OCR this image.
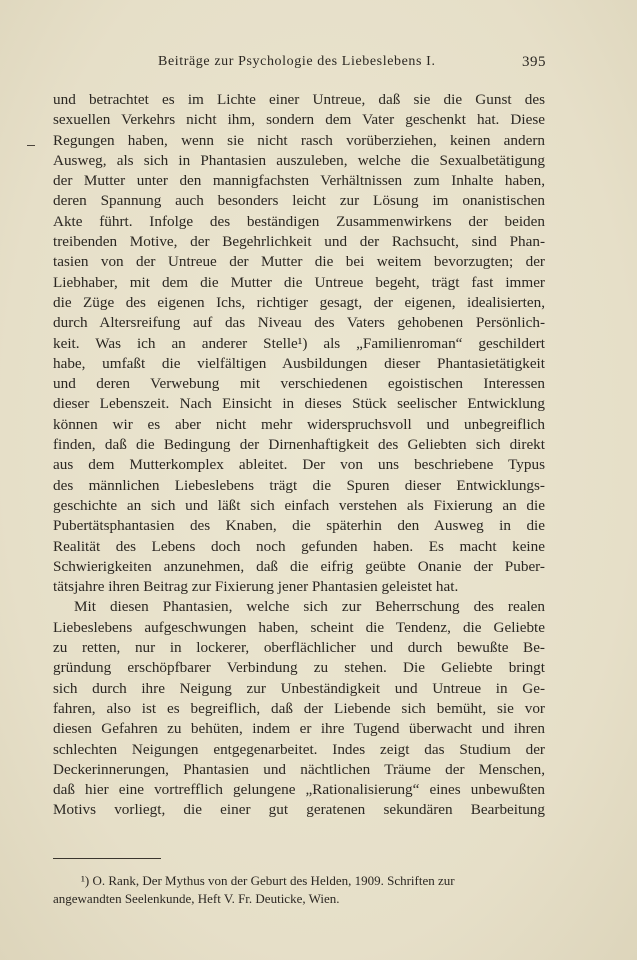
Beiträge zur Psychologie des Liebeslebens I.	395
und betrachtet es im Lichte einer Untreue, daß sie die Gunst des
sexuellen Verkehrs nicht ihm, sondern dem Vater geschenkt hat. Diese
Regungen haben, wenn sie nicht rasch vorüberziehen, keinen andern
Ausweg, als sich in Phantasien auszuleben, welche die Sexualbetätigung
der Mutter unter den mannigfachsten Verhältnissen zum Inhalte haben,
deren Spannung auch besonders leicht zur Lösung im onanistischen
Akte führt. Infolge des beständigen Zusammenwirkens der beiden
treibenden Motive, der Begehrlichkeit und der Rachsucht, sind Phan-
tasien von der Untreue der Mutter die bei weitem bevorzugten; der
Liebhaber, mit dem die Mutter die Untreue begeht, trägt fast immer
die Züge des eigenen Ichs, richtiger gesagt, der eigenen, idealisierten,
durch Altersreifung auf das Niveau des Vaters gehobenen Persönlich-
keit. Was ich an anderer Stelle¹) als „Familienroman“ geschildert
habe, umfaßt die vielfältigen Ausbildungen dieser Phantasietätigkeit
und deren Verwebung mit verschiedenen egoistischen Interessen
dieser Lebenszeit. Nach Einsicht in dieses Stück seelischer Entwicklung
können wir es aber nicht mehr widerspruchsvoll und unbegreiflich
finden, daß die Bedingung der Dirnenhaftigkeit des Geliebten sich direkt
aus dem Mutterkomplex ableitet. Der von uns beschriebene Typus
des männlichen Liebeslebens trägt die Spuren dieser Entwicklungs-
geschichte an sich und läßt sich einfach verstehen als Fixierung an die
Pubertätsphantasien des Knaben, die späterhin den Ausweg in die
Realität des Lebens doch noch gefunden haben. Es macht keine
Schwierigkeiten anzunehmen, daß die eifrig geübte Onanie der Puber-
tätsjahre ihren Beitrag zur Fixierung jener Phantasien geleistet hat.
Mit diesen Phantasien, welche sich zur Beherrschung des realen
Liebeslebens aufgeschwungen haben, scheint die Tendenz, die Geliebte
zu retten, nur in lockerer, oberflächlicher und durch bewußte Be-
gründung erschöpfbarer Verbindung zu stehen. Die Geliebte bringt
sich durch ihre Neigung zur Unbeständigkeit und Untreue in Ge-
fahren, also ist es begreiflich, daß der Liebende sich bemüht, sie vor
diesen Gefahren zu behüten, indem er ihre Tugend überwacht und ihren
schlechten Neigungen entgegenarbeitet. Indes zeigt das Studium der
Deckerinnerungen, Phantasien und nächtlichen Träume der Menschen,
daß hier eine vortrefflich gelungene „Rationalisierung“ eines unbewußten
Motivs vorliegt, die einer gut geratenen sekundären Bearbeitung
¹) O. Rank, Der Mythus von der Geburt des Helden, 1909. Schriften zur
angewandten Seelenkunde, Heft V. Fr. Deuticke, Wien.
